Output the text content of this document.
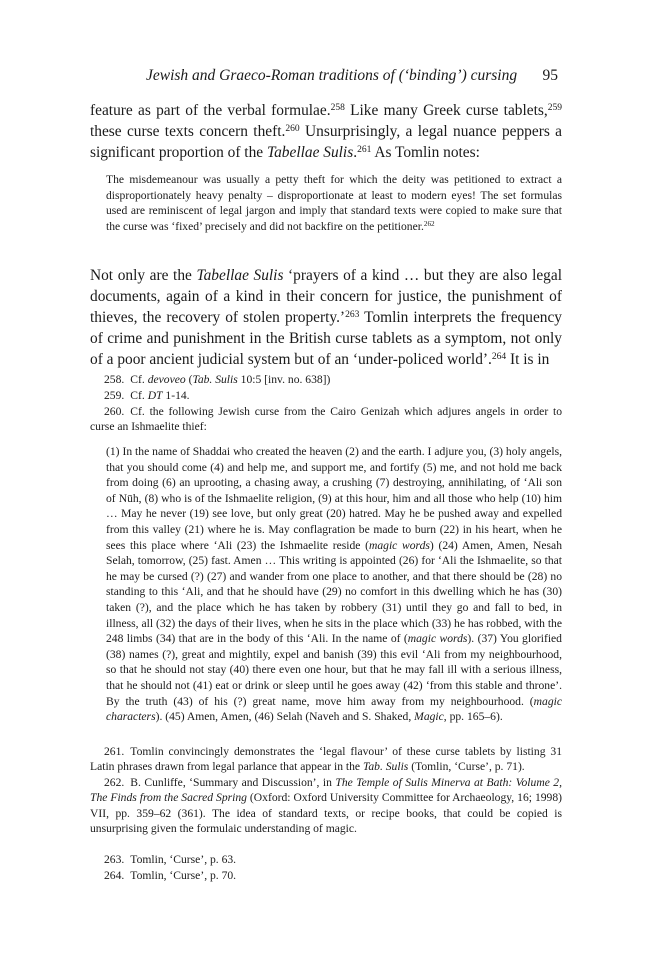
Jewish and Graeco-Roman traditions of (‘binding’) cursing 95

feature as part of the verbal formulae.$^{258}$ Like many Greek curse tablets,$^{259}$ these curse texts concern theft.$^{260}$ Unsurprisingly, a legal nuance peppers a significant proportion of the Tabellae Sulis.$^{261}$ As Tomlin notes:

The misdemeanour was usually a petty theft for which the deity was petitioned to extract a disproportionately heavy penalty – disproportionate at least to modern eyes! The set formulas used are reminiscent of legal jargon and imply that standard texts were copied to make sure that the curse was ‘fixed’ precisely and did not backfire on the petitioner.$^{262}$

Not only are the Tabellae Sulis ‘prayers of a kind … but they are also legal documents, again of a kind in their concern for justice, the punishment of thieves, the recovery of stolen property.’$^{263}$ Tomlin interprets the frequency of crime and punishment in the British curse tablets as a symptom, not only of a poor ancient judicial system but of an ‘under-policed world’.$^{264}$ It is in

258. Cf. devoveo (Tab. Sulis 10:5 [inv. no. 638])

259. Cf. DT 1-14.

260. Cf. the following Jewish curse from the Cairo Genizah which adjures angels in order to curse an Ishmaelite thief:

(1) In the name of Shaddai who created the heaven (2) and the earth. I adjure you, (3) holy angels, that you should come (4) and help me, and support me, and fortify (5) me, and not hold me back from doing (6) an uprooting, a chasing away, a crushing (7) destroying, annihilating, of ‘Ali son of Nūh, (8) who is of the Ishmaelite religion, (9) at this hour, him and all those who help (10) him … May he never (19) see love, but only great (20) hatred. May he be pushed away and expelled from this valley (21) where he is. May conflagration be made to burn (22) in his heart, when he sees this place where ‘Ali (23) the Ishmaelite reside (magic words) (24) Amen, Amen, Nesah Selah, tomorrow, (25) fast. Amen … This writing is appointed (26) for ‘Ali the Ishmaelite, so that he may be cursed (?) (27) and wander from one place to another, and that there should be (28) no standing to this ‘Ali, and that he should have (29) no comfort in this dwelling which he has (30) taken (?), and the place which he has taken by robbery (31) until they go and fall to bed, in illness, all (32) the days of their lives, when he sits in the place which (33) he has robbed, with the 248 limbs (34) that are in the body of this ‘Ali. In the name of (magic words). (37) You glorified (38) names (?), great and mightily, expel and banish (39) this evil ‘Ali from my neighbourhood, so that he should not stay (40) there even one hour, but that he may fall ill with a serious illness, that he should not (41) eat or drink or sleep until he goes away (42) ‘from this stable and throne’. By the truth (43) of his (?) great name, move him away from my neighbourhood. (magic characters). (45) Amen, Amen, (46) Selah (Naveh and S. Shaked, Magic, pp. 165–6).

261. Tomlin convincingly demonstrates the ‘legal flavour’ of these curse tablets by listing 31 Latin phrases drawn from legal parlance that appear in the Tab. Sulis (Tomlin, ‘Curse’, p. 71).

262. B. Cunliffe, ‘Summary and Discussion’, in The Temple of Sulis Minerva at Bath: Volume 2, The Finds from the Sacred Spring (Oxford: Oxford University Committee for Archaeology, 16; 1998) VII, pp. 359–62 (361). The idea of standard texts, or recipe books, that could be copied is unsurprising given the formulaic understanding of magic.

263. Tomlin, ‘Curse’, p. 63.

264. Tomlin, ‘Curse’, p. 70.
